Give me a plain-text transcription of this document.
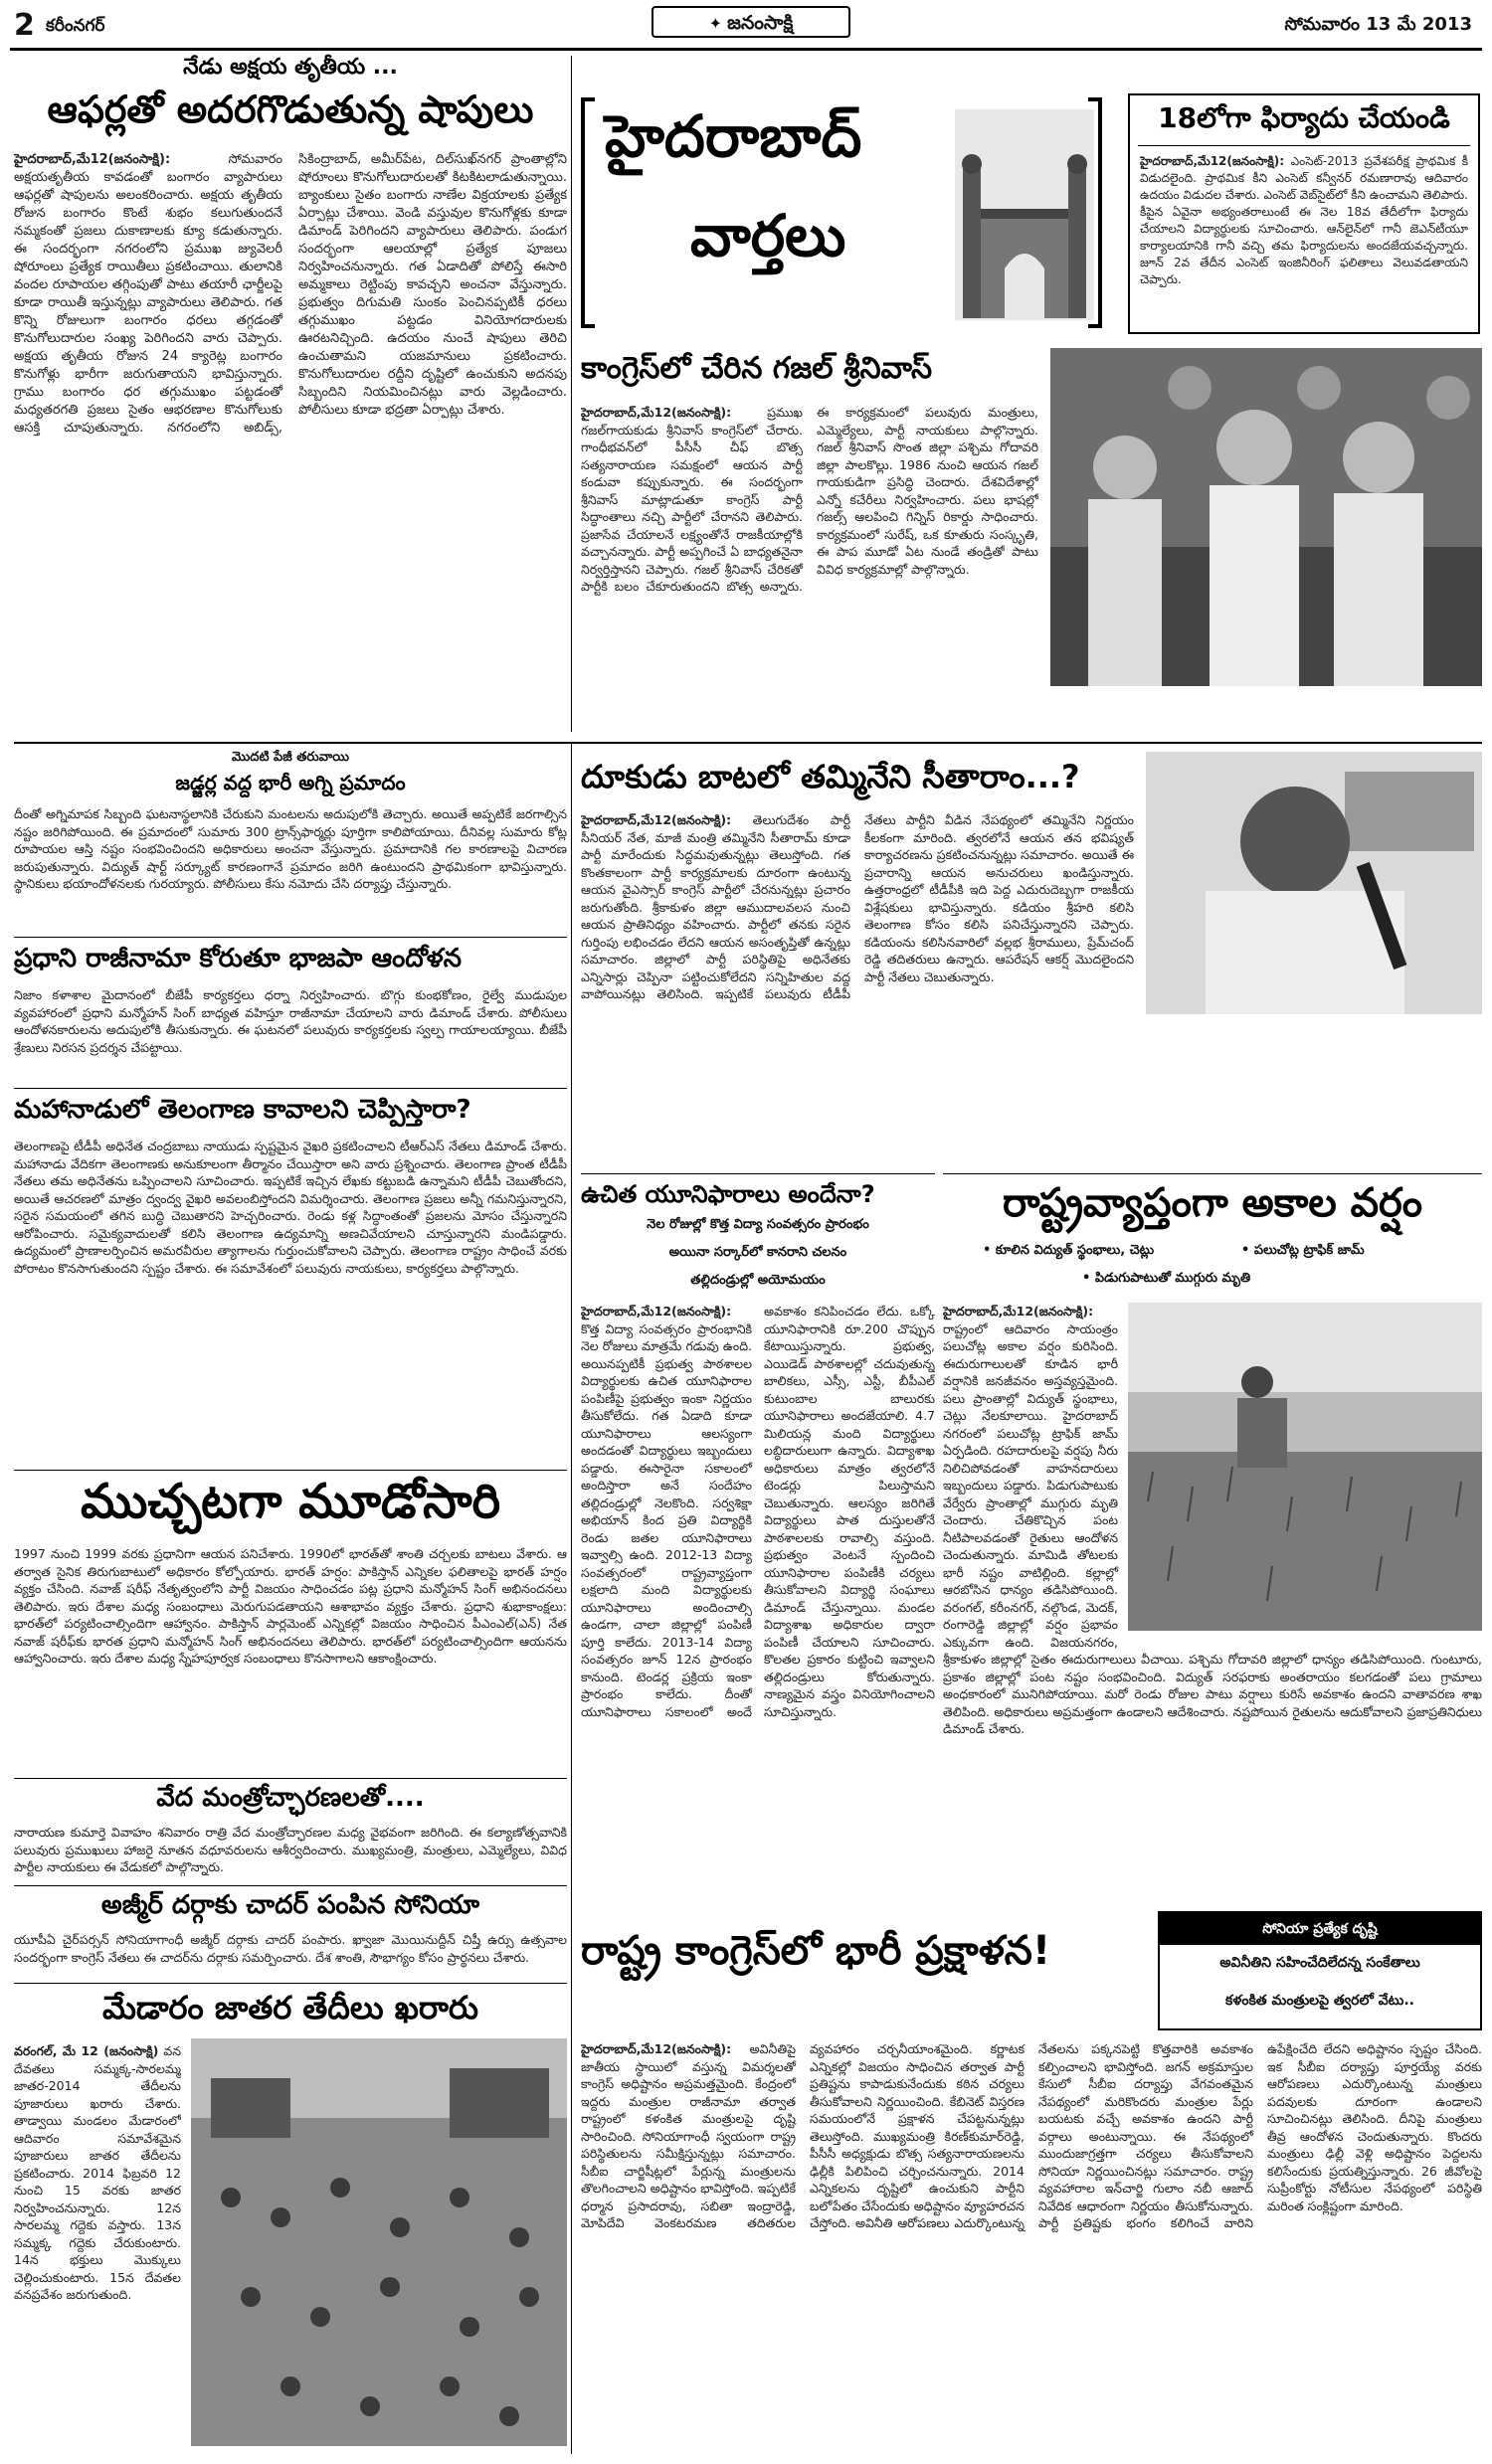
2 కరీంనగర్	✦ జనంసాక్షి	సోమవారం 13 మే 2013
నేడు అక్షయ తృతీయ ...
ఆఫర్లతో అదరగొడుతున్న షాపులు
హైదరాబాద్,మే12(జనంసాక్షి):	సోమవారం అక్షయతృతీయ కావడంతో బంగారం వ్యాపారులు ఆఫర్లతో షాపులను అలంకరించారు. అక్షయ తృతీయ రోజున బంగారం కొంటే శుభం కలుగుతుందనే నమ్మకంతో ప్రజలు దుకాణాలకు క్యూ కడుతున్నారు. ఈ సందర్భంగా నగరంలోని ప్రముఖ జ్యువెలరీ షోరూంలు ప్రత్యేక రాయితీలు ప్రకటించాయి. తులానికి వందల రూపాయల తగ్గింపుతో పాటు తయారీ ఛార్జీలపై కూడా రాయితీ ఇస్తున్నట్లు వ్యాపారులు తెలిపారు. గత కొన్ని రోజులుగా బంగారం ధరలు తగ్గడంతో కొనుగోలుదారుల సంఖ్య పెరిగిందని వారు చెప్పారు. అక్షయ తృతీయ రోజున 24 క్యారెట్ల బంగారం కొనుగోళ్లు భారీగా జరుగుతాయని భావిస్తున్నారు. గ్రాము బంగారం ధర తగ్గుముఖం పట్టడంతో మధ్యతరగతి ప్రజలు సైతం ఆభరణాల కొనుగోలుకు ఆసక్తి చూపుతున్నారు. నగరంలోని అబిడ్స్, సికింద్రాబాద్, అమీర్‌పేట, దిల్‌సుఖ్‌నగర్ ప్రాంతాల్లోని షోరూంలు కొనుగోలుదారులతో కిటకిటలాడుతున్నాయి. బ్యాంకులు సైతం బంగారు నాణేల విక్రయాలకు ప్రత్యేక ఏర్పాట్లు చేశాయి. వెండి వస్తువుల కొనుగోళ్లకు కూడా డిమాండ్ పెరిగిందని వ్యాపారులు తెలిపారు. పండుగ సందర్భంగా ఆలయాల్లో ప్రత్యేక పూజలు నిర్వహించనున్నారు. గత ఏడాదితో పోలిస్తే ఈసారి అమ్మకాలు రెట్టింపు కావచ్చని అంచనా వేస్తున్నారు. ప్రభుత్వం దిగుమతి సుంకం పెంచినప్పటికీ ధరలు తగ్గుముఖం పట్టడం వినియోగదారులకు ఊరటనిచ్చింది. ఉదయం నుంచే షాపులు తెరిచి ఉంచుతామని యజమానులు ప్రకటించారు. కొనుగోలుదారుల రద్దీని దృష్టిలో ఉంచుకుని అదనపు సిబ్బందిని నియమించినట్లు వారు వెల్లడించారు. పోలీసులు కూడా భద్రతా ఏర్పాట్లు చేశారు.
హైదరాబాద్
వార్తలు
18లోగా ఫిర్యాదు చేయండి
హైదరాబాద్,మే12(జనంసాక్షి): ఎంసెట్-2013 ప్రవేశపరీక్ష ప్రాథమిక కీ విడుదలైంది. ప్రాథమిక కీని ఎంసెట్ కన్వీనర్ రమణారావు ఆదివారం ఉదయం విడుదల చేశారు. ఎంసెట్ వెబ్‌సైట్‌లో కీని ఉంచామని తెలిపారు. కీపైన ఏవైనా అభ్యంతరాలుంటే ఈ నెల 18వ తేదీలోగా ఫిర్యాదు చేయాలని విద్యార్థులకు సూచించారు. ఆన్‌లైన్‌లో గానీ జెఎన్‌టీయూ కార్యాలయానికి గానీ వచ్చి తమ ఫిర్యాదులను అందజేయవచ్చన్నారు. జూన్ 2వ తేదీన ఎంసెట్ ఇంజినీరింగ్ ఫలితాలు వెలువడతాయని చెప్పారు.
కాంగ్రెస్‌లో చేరిన గజల్ శ్రీనివాస్
హైదరాబాద్,మే12(జనంసాక్షి):	ప్రముఖ గజల్‌గాయకుడు శ్రీనివాస్ కాంగ్రెస్‌లో చేరారు. గాంధీభవన్‌లో పీసీసీ చీఫ్ బొత్స సత్యనారాయణ సమక్షంలో ఆయన పార్టీ కండువా కప్పుకున్నారు. ఈ సందర్భంగా శ్రీనివాస్ మాట్లాడుతూ కాంగ్రెస్ పార్టీ సిద్ధాంతాలు నచ్చి పార్టీలో చేరానని తెలిపారు. ప్రజాసేవ చేయాలనే లక్ష్యంతోనే రాజకీయాల్లోకి వచ్చానన్నారు. పార్టీ అప్పగించే ఏ బాధ్యతనైనా నిర్వర్తిస్తానని చెప్పారు. గజల్ శ్రీనివాస్ చేరికతో పార్టీకి బలం చేకూరుతుందని బొత్స అన్నారు. ఈ కార్యక్రమంలో పలువురు మంత్రులు, ఎమ్మెల్యేలు, పార్టీ నాయకులు పాల్గొన్నారు. గజల్ శ్రీనివాస్ సొంత జిల్లా పశ్చిమ గోదావరి జిల్లా పాలకొల్లు. 1986 నుంచి ఆయన గజల్ గాయకుడిగా ప్రసిద్ధి చెందారు. దేశవిదేశాల్లో ఎన్నో కచేరీలు నిర్వహించారు. పలు భాషల్లో గజల్స్ ఆలపించి గిన్నిస్ రికార్డు సాధించారు. కార్యక్రమంలో సురేష్, ఒక కూతురు సంస్కృతి, ఈ పాప మూడో ఏట నుండే తండ్రితో పాటు వివిధ కార్యక్రమాల్లో పాల్గొన్నారు.
మొదటి పేజీ తరువాయి
జడ్జర్ల వద్ద భారీ అగ్ని ప్రమాదం
దీంతో అగ్నిమాపక సిబ్బంది ఘటనాస్థలానికి చేరుకుని మంటలను అదుపులోకి తెచ్చారు. అయితే అప్పటికే జరగాల్సిన నష్టం జరిగిపోయింది. ఈ ప్రమాదంలో సుమారు 300 ట్రాన్స్‌ఫార్మర్లు పూర్తిగా కాలిపోయాయి. దీనివల్ల సుమారు కోట్ల రూపాయల ఆస్తి నష్టం సంభవించిందని అధికారులు అంచనా వేస్తున్నారు. ప్రమాదానికి గల కారణాలపై విచారణ జరుపుతున్నారు. విద్యుత్ షార్ట్ సర్క్యూట్ కారణంగానే ప్రమాదం జరిగి ఉంటుందని ప్రాథమికంగా భావిస్తున్నారు. స్థానికులు భయాందోళనలకు గురయ్యారు. పోలీసులు కేసు నమోదు చేసి దర్యాప్తు చేస్తున్నారు.
ప్రధాని రాజీనామా కోరుతూ భాజపా ఆందోళన
నిజాం కళాశాల మైదానంలో బీజేపీ కార్యకర్తలు ధర్నా నిర్వహించారు. బొగ్గు కుంభకోణం, రైల్వే ముడుపుల వ్యవహారంలో ప్రధాని మన్మోహన్ సింగ్ బాధ్యత వహిస్తూ రాజీనామా చేయాలని వారు డిమాండ్ చేశారు. పోలీసులు ఆందోళనకారులను అదుపులోకి తీసుకున్నారు. ఈ ఘటనలో పలువురు కార్యకర్తలకు స్వల్ప గాయాలయ్యాయి. బీజేపీ శ్రేణులు నిరసన ప్రదర్శన చేపట్టాయి.
మహానాడులో తెలంగాణ కావాలని చెప్పిస్తారా?
తెలంగాణపై టీడీపీ అధినేత చంద్రబాబు నాయుడు స్పష్టమైన వైఖరి ప్రకటించాలని టీఆర్‌ఎస్ నేతలు డిమాండ్ చేశారు. మహానాడు వేదికగా తెలంగాణకు అనుకూలంగా తీర్మానం చేయిస్తారా అని వారు ప్రశ్నించారు. తెలంగాణ ప్రాంత టీడీపీ నేతలు తమ అధినేతను ఒప్పించాలని సూచించారు. ఇప్పటికే ఇచ్చిన లేఖకు కట్టుబడి ఉన్నామని టీడీపీ చెబుతోందని, అయితే ఆచరణలో మాత్రం ద్వంద్వ వైఖరి అవలంబిస్తోందని విమర్శించారు. తెలంగాణ ప్రజలు అన్నీ గమనిస్తున్నారని, సరైన సమయంలో తగిన బుద్ధి చెబుతారని హెచ్చరించారు. రెండు కళ్ల సిద్ధాంతంతో ప్రజలను మోసం చేస్తున్నారని ఆరోపించారు. సమైక్యవాదులతో కలిసి తెలంగాణ ఉద్యమాన్ని అణచివేయాలని చూస్తున్నారని మండిపడ్డారు. ఉద్యమంలో ప్రాణాలర్పించిన అమరవీరుల త్యాగాలను గుర్తుంచుకోవాలని చెప్పారు. తెలంగాణ రాష్ట్రం సాధించే వరకు పోరాటం కొనసాగుతుందని స్పష్టం చేశారు. ఈ సమావేశంలో పలువురు నాయకులు, కార్యకర్తలు పాల్గొన్నారు.
ముచ్చటగా మూడోసారి
1997 నుంచి 1999 వరకు ప్రధానిగా ఆయన పనిచేశారు. 1990లో భారత్‌తో శాంతి చర్చలకు బాటలు వేశారు. ఆ తర్వాత సైనిక తిరుగుబాటులో అధికారం కోల్పోయారు. భారత్ హర్షం: పాకిస్తాన్ ఎన్నికల ఫలితాలపై భారత్ హర్షం వ్యక్తం చేసింది. నవాజ్ షరీఫ్ నేతృత్వంలోని పార్టీ విజయం సాధించడం పట్ల ప్రధాని మన్మోహన్ సింగ్ అభినందనలు తెలిపారు. ఇరు దేశాల మధ్య సంబంధాలు మెరుగుపడతాయని ఆశాభావం వ్యక్తం చేశారు. ప్రధాని శుభాకాంక్షలు: భారత్‌లో పర్యటించాల్సిందిగా ఆహ్వానం. పాకిస్తాన్ పార్లమెంట్ ఎన్నికల్లో విజయం సాధించిన పీఎంఎల్(ఎన్) నేత నవాజ్ షరీఫ్‌కు భారత ప్రధాని మన్మోహన్ సింగ్ అభినందనలు తెలిపారు. భారత్‌లో పర్యటించాల్సిందిగా ఆయనను ఆహ్వానించారు. ఇరు దేశాల మధ్య స్నేహపూర్వక సంబంధాలు కొనసాగాలని ఆకాంక్షించారు.
వేద మంత్రోచ్ఛారణలతో....
నారాయణ కుమార్తె వివాహం శనివారం రాత్రి వేద మంత్రోచ్ఛారణల మధ్య వైభవంగా జరిగింది. ఈ కల్యాణోత్సవానికి పలువురు ప్రముఖులు హాజరై నూతన వధూవరులను ఆశీర్వదించారు. ముఖ్యమంత్రి, మంత్రులు, ఎమ్మెల్యేలు, వివిధ పార్టీల నాయకులు ఈ వేడుకలో పాల్గొన్నారు.
అజ్మీర్ దర్గాకు చాదర్ పంపిన సోనియా
యూపీఏ చైర్‌పర్సన్ సోనియాగాంధీ అజ్మీర్ దర్గాకు చాదర్ పంపారు. ఖ్వాజా మొయినుద్దీన్ చిష్తీ ఉర్సు ఉత్సవాల సందర్భంగా కాంగ్రెస్ నేతలు ఈ చాదర్‌ను దర్గాకు సమర్పించారు. దేశ శాంతి, సౌభాగ్యం కోసం ప్రార్థనలు చేశారు.
మేడారం జాతర తేదీలు ఖరారు
వరంగల్, మే 12 (జనంసాక్షి) వన దేవతలు సమ్మక్క-సారలమ్మ జాతర-2014 తేదీలను పూజారులు ఖరారు చేశారు. తాడ్వాయి మండలం మేడారంలో ఆదివారం సమావేశమైన పూజారులు జాతర తేదీలను ప్రకటించారు. 2014 ఫిబ్రవరి 12 నుంచి 15 వరకు జాతర నిర్వహించనున్నారు. 12న సారలమ్మ గద్దెకు వస్తారు. 13న సమ్మక్క గద్దెకు చేరుకుంటారు. 14న భక్తులు మొక్కులు చెల్లించుకుంటారు. 15న దేవతల వనప్రవేశం జరుగుతుంది.
దూకుడు బాటలో తమ్మినేని సీతారాం...?
హైదరాబాద్,మే12(జనంసాక్షి): తెలుగుదేశం పార్టీ సీనియర్ నేత, మాజీ మంత్రి తమ్మినేని సీతారామ్ కూడా పార్టీ మారేందుకు సిద్ధమవుతున్నట్లు తెలుస్తోంది. గత కొంతకాలంగా పార్టీ కార్యక్రమాలకు దూరంగా ఉంటున్న ఆయన వైఎస్సార్ కాంగ్రెస్ పార్టీలో చేరనున్నట్లు ప్రచారం జరుగుతోంది. శ్రీకాకుళం జిల్లా ఆముదాలవలస నుంచి ఆయన ప్రాతినిధ్యం వహించారు. పార్టీలో తనకు సరైన గుర్తింపు లభించడం లేదని ఆయన అసంతృప్తితో ఉన్నట్లు సమాచారం. జిల్లాలో పార్టీ పరిస్థితిపై అధినేతకు ఎన్నిసార్లు చెప్పినా పట్టించుకోలేదని సన్నిహితుల వద్ద వాపోయినట్లు తెలిసింది. ఇప్పటికే పలువురు టీడీపీ నేతలు పార్టీని వీడిన నేపథ్యంలో తమ్మినేని నిర్ణయం కీలకంగా మారింది. త్వరలోనే ఆయన తన భవిష్యత్ కార్యాచరణను ప్రకటించనున్నట్లు సమాచారం. అయితే ఈ ప్రచారాన్ని ఆయన అనుచరులు ఖండిస్తున్నారు. ఉత్తరాంధ్రలో టీడీపీకి ఇది పెద్ద ఎదురుదెబ్బగా రాజకీయ విశ్లేషకులు భావిస్తున్నారు. కడియం శ్రీహరి కలిసి తెలంగాణ కోసం కలిసి పనిచేస్తున్నారని చెప్పారు. కడియంను కలిసినవారిలో వల్లభ శ్రీరాములు, ప్రేమ్‌చంద్ రెడ్డి తదితరులు ఉన్నారు. ఆపరేషన్ ఆకర్ష్ మొదలైందని పార్టీ నేతలు చెబుతున్నారు.
ఉచిత యూనిఫారాలు అందేనా?
నెల రోజుల్లో కొత్త విద్యా సంవత్సరం ప్రారంభం
అయినా సర్కార్‌లో కానరాని చలనం
తల్లిదండ్రుల్లో అయోమయం
హైదరాబాద్,మే12(జనంసాక్షి): కొత్త విద్యా సంవత్సరం ప్రారంభానికి నెల రోజులు మాత్రమే గడువు ఉంది. అయినప్పటికీ ప్రభుత్వ పాఠశాలల విద్యార్థులకు ఉచిత యూనిఫారాల పంపిణీపై ప్రభుత్వం ఇంకా నిర్ణయం తీసుకోలేదు. గత ఏడాది కూడా యూనిఫారాలు ఆలస్యంగా అందడంతో విద్యార్థులు ఇబ్బందులు పడ్డారు. ఈసారైనా సకాలంలో అందిస్తారా అనే సందేహం తల్లిదండ్రుల్లో నెలకొంది. సర్వశిక్షా అభియాన్ కింద ప్రతి విద్యార్థికి రెండు జతల యూనిఫారాలు ఇవ్వాల్సి ఉంది. 2012-13 విద్యా సంవత్సరంలో రాష్ట్రవ్యాప్తంగా లక్షలాది మంది విద్యార్థులకు యూనిఫారాలు అందించాల్సి ఉండగా, చాలా జిల్లాల్లో పంపిణీ పూర్తి కాలేదు. 2013-14 విద్యా సంవత్సరం జూన్ 12న ప్రారంభం కానుంది. టెండర్ల ప్రక్రియ ఇంకా ప్రారంభం కాలేదు. దీంతో యూనిఫారాలు సకాలంలో అందే అవకాశం కనిపించడం లేదు. ఒక్కో యూనిఫారానికి రూ.200 చొప్పున కేటాయిస్తున్నారు. ప్రభుత్వ, ఎయిడెడ్ పాఠశాలల్లో చదువుతున్న బాలికలు, ఎస్సీ, ఎస్టీ, బీపీఎల్ కుటుంబాల బాలురకు యూనిఫారాలు అందజేయాలి. 4.7 మిలియన్ల మంది విద్యార్థులు లబ్ధిదారులుగా ఉన్నారు. విద్యాశాఖ అధికారులు మాత్రం త్వరలోనే టెండర్లు పిలుస్తామని చెబుతున్నారు. ఆలస్యం జరిగితే విద్యార్థులు పాత దుస్తులతోనే పాఠశాలలకు రావాల్సి వస్తుంది. ప్రభుత్వం వెంటనే స్పందించి యూనిఫారాల పంపిణీకి చర్యలు తీసుకోవాలని విద్యార్థి సంఘాలు డిమాండ్ చేస్తున్నాయి. మండల విద్యాశాఖ అధికారుల ద్వారా పంపిణీ చేయాలని సూచించారు. కొలతల ప్రకారం కుట్టించి ఇవ్వాలని తల్లిదండ్రులు కోరుతున్నారు. నాణ్యమైన వస్త్రం వినియోగించాలని సూచిస్తున్నారు.
రాష్ట్రవ్యాప్తంగా అకాల వర్షం
• కూలిన విద్యుత్ స్థంభాలు, చెట్లు	• పలుచోట్ల ట్రాఫిక్ జామ్
• పిడుగుపాటుతో ముగ్గురు మృతి
హైదరాబాద్,మే12(జనంసాక్షి): రాష్ట్రంలో ఆదివారం సాయంత్రం పలుచోట్ల అకాల వర్షం కురిసింది. ఈదురుగాలులతో కూడిన భారీ వర్షానికి జనజీవనం అస్తవ్యస్తమైంది. పలు ప్రాంతాల్లో విద్యుత్ స్థంభాలు, చెట్లు నేలకూలాయి. హైదరాబాద్ నగరంలో పలుచోట్ల ట్రాఫిక్ జామ్ ఏర్పడింది. రహదారులపై వర్షపు నీరు నిలిచిపోవడంతో వాహనదారులు ఇబ్బందులు పడ్డారు. పిడుగుపాటుకు వేర్వేరు ప్రాంతాల్లో ముగ్గురు మృతి చెందారు. చేతికొచ్చిన పంట నీటిపాలవడంతో రైతులు ఆందోళన చెందుతున్నారు. మామిడి తోటలకు భారీ నష్టం వాటిల్లింది. కల్లాల్లో ఆరబోసిన ధాన్యం తడిసిపోయింది. వరంగల్, కరీంనగర్, నల్గొండ, మెదక్, రంగారెడ్డి జిల్లాల్లో వర్షం ప్రభావం ఎక్కువగా ఉంది. విజయనగరం, శ్రీకాకుళం జిల్లాల్లో సైతం ఈదురుగాలులు వీచాయి. పశ్చిమ గోదావరి జిల్లాలో ధాన్యం తడిసిపోయింది. గుంటూరు, ప్రకాశం జిల్లాల్లో పంట నష్టం సంభవించింది. విద్యుత్ సరఫరాకు అంతరాయం కలగడంతో పలు గ్రామాలు అంధకారంలో మునిగిపోయాయి. మరో రెండు రోజుల పాటు వర్షాలు కురిసే అవకాశం ఉందని వాతావరణ శాఖ తెలిపింది. అధికారులు అప్రమత్తంగా ఉండాలని ఆదేశించారు. నష్టపోయిన రైతులను ఆదుకోవాలని ప్రజాప్రతినిధులు డిమాండ్ చేశారు.
సోనియా ప్రత్యేక దృష్టి
అవినీతిని సహించేదిలేదన్న సంకేతాలు
కళంకిత మంత్రులపై త్వరలో వేటు..
రాష్ట్ర కాంగ్రెస్‌లో భారీ ప్రక్షాళన!
హైదరాబాద్,మే12(జనంసాక్షి): అవినీతిపై జాతీయ స్థాయిలో వస్తున్న విమర్శలతో కాంగ్రెస్ అధిష్టానం అప్రమత్తమైంది. కేంద్రంలో ఇద్దరు మంత్రుల రాజీనామా తర్వాత రాష్ట్రంలో కళంకిత మంత్రులపై దృష్టి సారించింది. సోనియాగాంధీ స్వయంగా రాష్ట్ర పరిస్థితులను సమీక్షిస్తున్నట్లు సమాచారం. సీబీఐ చార్జిషీట్లలో పేర్లున్న మంత్రులను తొలగించాలని అధిష్టానం భావిస్తోంది. ఇప్పటికే ధర్మాన ప్రసాదరావు, సబితా ఇంద్రారెడ్డి, మోపిదేవి వెంకటరమణ తదితరుల వ్యవహారం చర్చనీయాంశమైంది. కర్ణాటక ఎన్నికల్లో విజయం సాధించిన తర్వాత పార్టీ ప్రతిష్టను కాపాడుకునేందుకు కఠిన చర్యలు తీసుకోవాలని నిర్ణయించింది. కేబినెట్ విస్తరణ సమయంలోనే ప్రక్షాళన చేపట్టనున్నట్లు తెలుస్తోంది. ముఖ్యమంత్రి కిరణ్‌కుమార్‌రెడ్డి, పీసీసీ అధ్యక్షుడు బొత్స సత్యనారాయణలను ఢిల్లీకి పిలిపించి చర్చించనున్నారు. 2014 ఎన్నికలను దృష్టిలో ఉంచుకుని పార్టీని బలోపేతం చేసేందుకు అధిష్టానం వ్యూహరచన చేస్తోంది. అవినీతి ఆరోపణలు ఎదుర్కొంటున్న నేతలను పక్కనపెట్టి కొత్తవారికి అవకాశం కల్పించాలని భావిస్తోంది. జగన్ అక్రమాస్తుల కేసులో సీబీఐ దర్యాప్తు వేగవంతమైన నేపథ్యంలో మరికొందరు మంత్రుల పేర్లు బయటకు వచ్చే అవకాశం ఉందని పార్టీ వర్గాలు అంటున్నాయి. ఈ నేపథ్యంలో ముందుజాగ్రత్తగా చర్యలు తీసుకోవాలని సోనియా నిర్ణయించినట్లు సమాచారం. రాష్ట్ర వ్యవహారాల ఇన్‌చార్జి గులాం నబీ ఆజాద్ నివేదిక ఆధారంగా నిర్ణయం తీసుకోనున్నారు. పార్టీ ప్రతిష్టకు భంగం కలిగించే వారిని ఉపేక్షించేది లేదని అధిష్టానం స్పష్టం చేసింది. ఇక సీబీఐ దర్యాప్తు పూర్తయ్యే వరకు ఆరోపణలు ఎదుర్కొంటున్న మంత్రులు పదవులకు దూరంగా ఉండాలని సూచించినట్లు తెలిసింది. దీనిపై మంత్రులు తీవ్ర ఆందోళన చెందుతున్నారు. కొందరు మంత్రులు ఢిల్లీ వెళ్లి అధిష్టానం పెద్దలను కలిసేందుకు ప్రయత్నిస్తున్నారు. 26 జీవోలపై సుప్రీంకోర్టు నోటీసుల నేపథ్యంలో పరిస్థితి మరింత సంక్లిష్టంగా మారింది.
